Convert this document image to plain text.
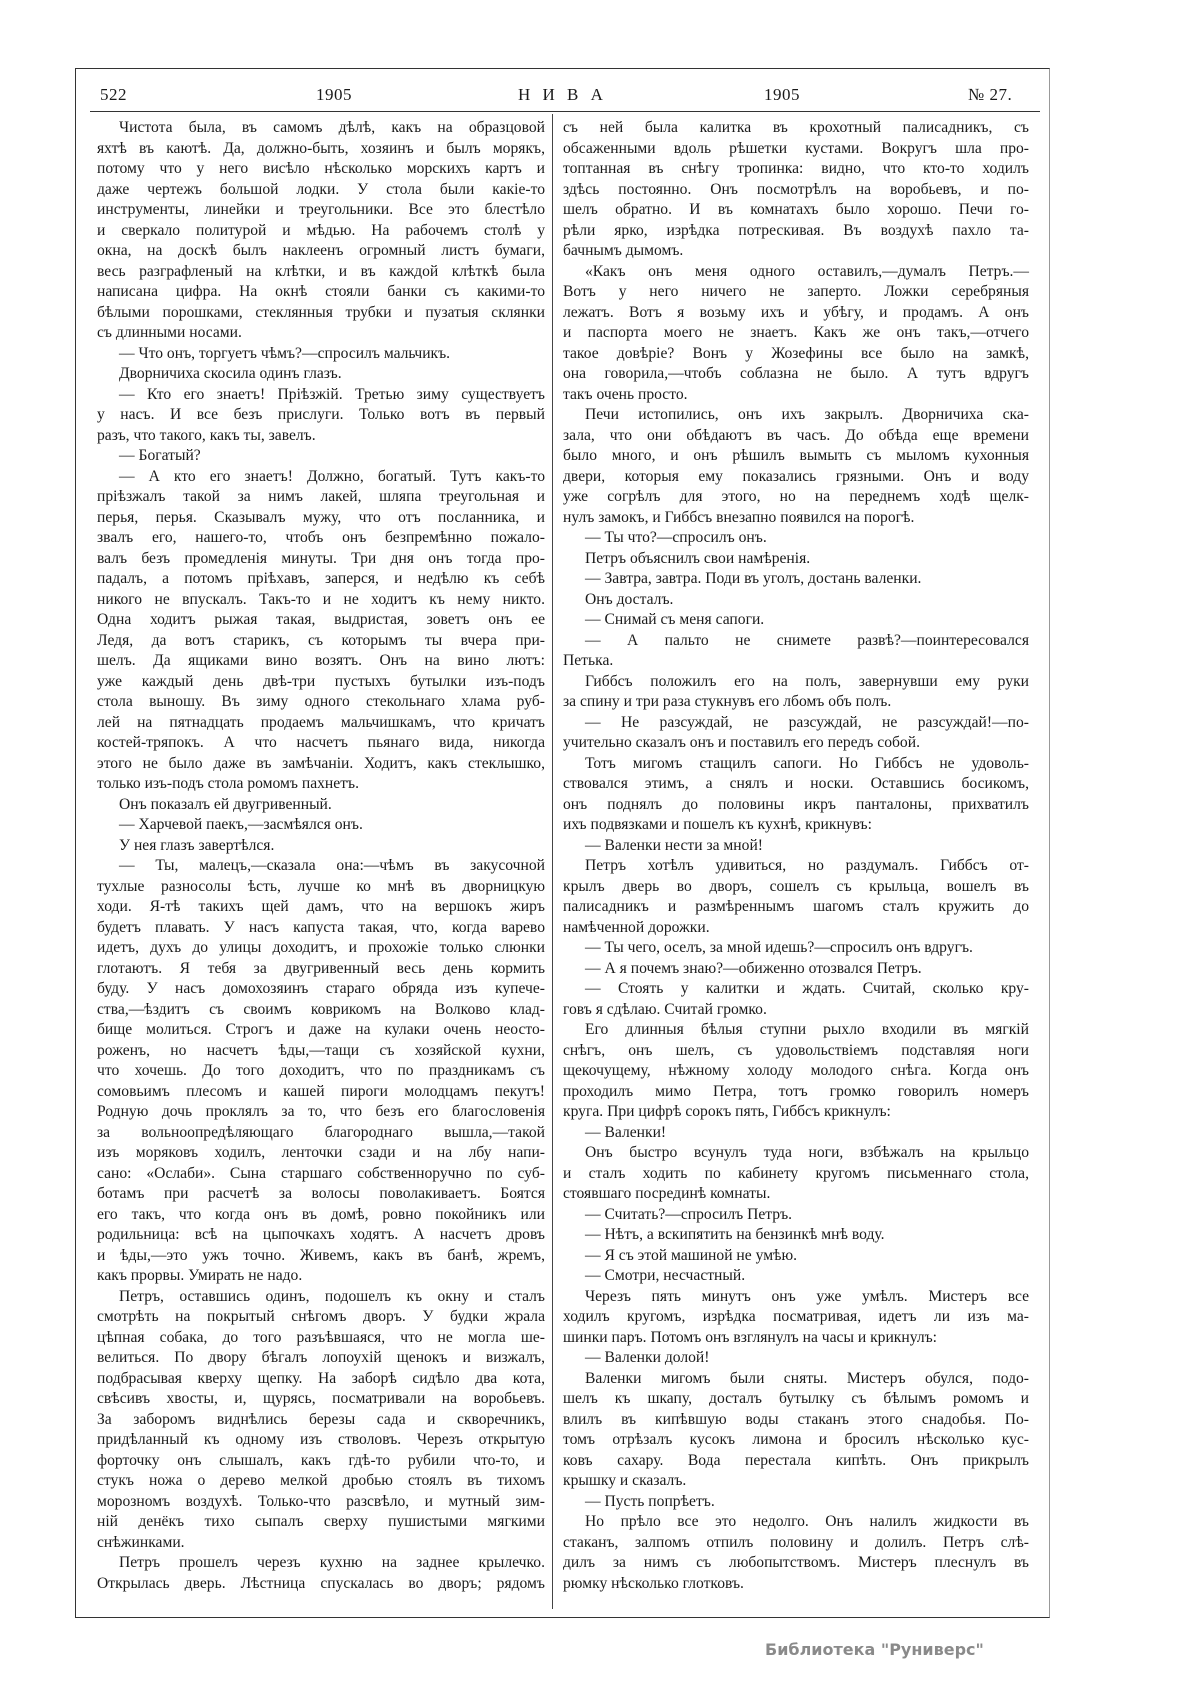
522	1905	Н И В А	1905	№ 27.
Чистота была, въ самомъ дѣлѣ, какъ на образцовой
яхтѣ въ каютѣ. Да, должно-быть, хозяинъ и былъ морякъ,
потому что у него висѣло нѣсколько морскихъ картъ и
даже чертежъ большой лодки. У стола были какіе-то
инструменты, линейки и треугольники. Все это блестѣло
и сверкало политурой и мѣдью. На рабочемъ столѣ у
окна, на доскѣ былъ наклеенъ огромный листъ бумаги,
весь разграфленый на клѣтки, и въ каждой клѣткѣ была
написана цифра. На окнѣ стояли банки съ какими-то
бѣлыми порошками, стеклянныя трубки и пузатыя склянки
съ длинными носами.
— Что онъ, торгуетъ чѣмъ?—спросилъ мальчикъ.
Дворничиха скосила одинъ глазъ.
— Кто его знаетъ! Пріѣзжій. Третью зиму существуетъ
у насъ. И все безъ прислуги. Только вотъ въ первый
разъ, что такого, какъ ты, завелъ.
— Богатый?
— А кто его знаетъ! Должно, богатый. Тутъ какъ-то
пріѣзжалъ такой за нимъ лакей, шляпа треугольная и
перья, перья. Сказывалъ мужу, что отъ посланника, и
звалъ его, нашего-то, чтобъ онъ безпремѣнно пожало-
валъ безъ промедленія минуты. Три дня онъ тогда про-
падалъ, а потомъ пріѣхавъ, заперся, и недѣлю къ себѣ
никого не впускалъ. Такъ-то и не ходитъ къ нему никто.
Одна ходитъ рыжая такая, выдристая, зоветъ онъ ее
Ледя, да вотъ старикъ, съ которымъ ты вчера при-
шелъ. Да ящиками вино возятъ. Онъ на вино лютъ:
уже каждый день двѣ-три пустыхъ бутылки изъ-подъ
стола выношу. Въ зиму одного стекольнаго хлама руб-
лей на пятнадцать продаемъ мальчишкамъ, что кричатъ
костей-тряпокъ. А что насчетъ пьянаго вида, никогда
этого не было даже въ замѣчаніи. Ходитъ, какъ стеклышко,
только изъ-подъ стола ромомъ пахнетъ.
Онъ показалъ ей двугривенный.
— Харчевой паекъ,—засмѣялся онъ.
У нея глазъ завертѣлся.
— Ты, малецъ,—сказала она:—чѣмъ въ закусочной
тухлые разносолы ѣсть, лучше ко мнѣ въ дворницкую
ходи. Я-тѣ такихъ щей дамъ, что на вершокъ жиръ
будетъ плавать. У насъ капуста такая, что, когда варево
идетъ, духъ до улицы доходитъ, и прохожіе только слюнки
глотаютъ. Я тебя за двугривенный весь день кормить
буду. У насъ домохозяинъ стараго обряда изъ купече-
ства,—ѣздитъ съ своимъ коврикомъ на Волково клад-
бище молиться. Строгъ и даже на кулаки очень неосто-
роженъ, но насчетъ ѣды,—тащи съ хозяйской кухни,
что хочешь. До того доходитъ, что по праздникамъ съ
сомовьимъ плесомъ и кашей пироги молодцамъ пекутъ!
Родную дочь проклялъ за то, что безъ его благословенія
за вольноопредѣляющаго благороднаго вышла,—такой
изъ моряковъ ходилъ, ленточки сзади и на лбу напи-
сано: «Ослаби». Сына старшаго собственноручно по суб-
ботамъ при расчетѣ за волосы поволакиваетъ. Боятся
его такъ, что когда онъ въ домѣ, ровно покойникъ или
родильница: всѣ на цыпочкахъ ходятъ. А насчетъ дровъ
и ѣды,—это ужъ точно. Живемъ, какъ въ банѣ, жремъ,
какъ прорвы. Умирать не надо.
Петръ, оставшись одинъ, подошелъ къ окну и сталъ
смотрѣть на покрытый снѣгомъ дворъ. У будки жрала
цѣпная собака, до того разъѣвшаяся, что не могла ше-
велиться. По двору бѣгалъ лопоухій щенокъ и визжалъ,
подбрасывая кверху щепку. На заборѣ сидѣло два кота,
свѣсивъ хвосты, и, щурясь, посматривали на воробьевъ.
За заборомъ виднѣлись березы сада и скворечникъ,
придѣланный къ одному изъ стволовъ. Черезъ открытую
форточку онъ слышалъ, какъ гдѣ-то рубили что-то, и
стукъ ножа о дерево мелкой дробью стоялъ въ тихомъ
морозномъ воздухѣ. Только-что разсвѣло, и мутный зим-
ній денёкъ тихо сыпалъ сверху пушистыми мягкими
снѣжинками.
Петръ прошелъ черезъ кухню на заднее крылечко.
Открылась дверь. Лѣстница спускалась во дворъ; рядомъ
съ ней была калитка въ крохотный палисадникъ, съ
обсаженными вдоль рѣшетки кустами. Вокругъ шла про-
топтанная въ снѣгу тропинка: видно, что кто-то ходилъ
здѣсь постоянно. Онъ посмотрѣлъ на воробьевъ, и по-
шелъ обратно. И въ комнатахъ было хорошо. Печи го-
рѣли ярко, изрѣдка потрескивая. Въ воздухѣ пахло та-
бачнымъ дымомъ.
«Какъ онъ меня одного оставилъ,—думалъ Петръ.—
Вотъ у него ничего не заперто. Ложки серебряныя
лежатъ. Вотъ я возьму ихъ и убѣгу, и продамъ. А онъ
и паспорта моего не знаетъ. Какъ же онъ такъ,—отчего
такое довѣріе? Вонъ у Жозефины все было на замкѣ,
она говорила,—чтобъ соблазна не было. А тутъ вдругъ
такъ очень просто.
Печи истопились, онъ ихъ закрылъ. Дворничиха ска-
зала, что они обѣдаютъ въ часъ. До обѣда еще времени
было много, и онъ рѣшилъ вымыть съ мыломъ кухонныя
двери, которыя ему показались грязными. Онъ и воду
уже согрѣлъ для этого, но на переднемъ ходѣ щелк-
нулъ замокъ, и Гиббсъ внезапно появился на порогѣ.
— Ты что?—спросилъ онъ.
Петръ объяснилъ свои намѣренія.
— Завтра, завтра. Поди въ уголъ, достань валенки.
Онъ досталъ.
— Снимай съ меня сапоги.
— А пальто не снимете развѣ?—поинтересовался
Петька.
Гиббсъ положилъ его на полъ, завернувши ему руки
за спину и три раза стукнувъ его лбомъ объ полъ.
— Не разсуждай, не разсуждай, не разсуждай!—по-
учительно сказалъ онъ и поставилъ его передъ собой.
Тотъ мигомъ стащилъ сапоги. Но Гиббсъ не удоволь-
ствовался этимъ, а снялъ и носки. Оставшись босикомъ,
онъ поднялъ до половины икръ панталоны, прихватилъ
ихъ подвязками и пошелъ къ кухнѣ, крикнувъ:
— Валенки нести за мной!
Петръ хотѣлъ удивиться, но раздумалъ. Гиббсъ от-
крылъ дверь во дворъ, сошелъ съ крыльца, вошелъ въ
палисадникъ и размѣреннымъ шагомъ сталъ кружить до
намѣченной дорожки.
— Ты чего, оселъ, за мной идешь?—спросилъ онъ вдругъ.
— А я почемъ знаю?—обиженно отозвался Петръ.
— Стоять у калитки и ждать. Считай, сколько кру-
говъ я сдѣлаю. Считай громко.
Его длинныя бѣлыя ступни рыхло входили въ мягкій
снѣгъ, онъ шелъ, съ удовольствіемъ подставляя ноги
щекочущему, нѣжному холоду молодого снѣга. Когда онъ
проходилъ мимо Петра, тотъ громко говорилъ номеръ
круга. При цифрѣ сорокъ пять, Гиббсъ крикнулъ:
— Валенки!
Онъ быстро всунулъ туда ноги, взбѣжалъ на крыльцо
и сталъ ходить по кабинету кругомъ письменнаго стола,
стоявшаго посрединѣ комнаты.
— Считать?—спросилъ Петръ.
— Нѣтъ, а вскипятить на бензинкѣ мнѣ воду.
— Я съ этой машиной не умѣю.
— Смотри, несчастный.
Черезъ пять минутъ онъ уже умѣлъ. Мистеръ все
ходилъ кругомъ, изрѣдка посматривая, идетъ ли изъ ма-
шинки паръ. Потомъ онъ взглянулъ на часы и крикнулъ:
— Валенки долой!
Валенки мигомъ были сняты. Мистеръ обулся, подо-
шелъ къ шкапу, досталъ бутылку съ бѣлымъ ромомъ и
влилъ въ кипѣвшую воды стаканъ этого снадобья. По-
томъ отрѣзалъ кусокъ лимона и бросилъ нѣсколько кус-
ковъ сахару. Вода перестала кипѣть. Онъ прикрылъ
крышку и сказалъ.
— Пусть попрѣетъ.
Но прѣло все это недолго. Онъ налилъ жидкости въ
стаканъ, залпомъ отпилъ половину и долилъ. Петръ слѣ-
дилъ за нимъ съ любопытствомъ. Мистеръ плеснулъ въ
рюмку нѣсколько глотковъ.
Библиотека "Руниверс"
